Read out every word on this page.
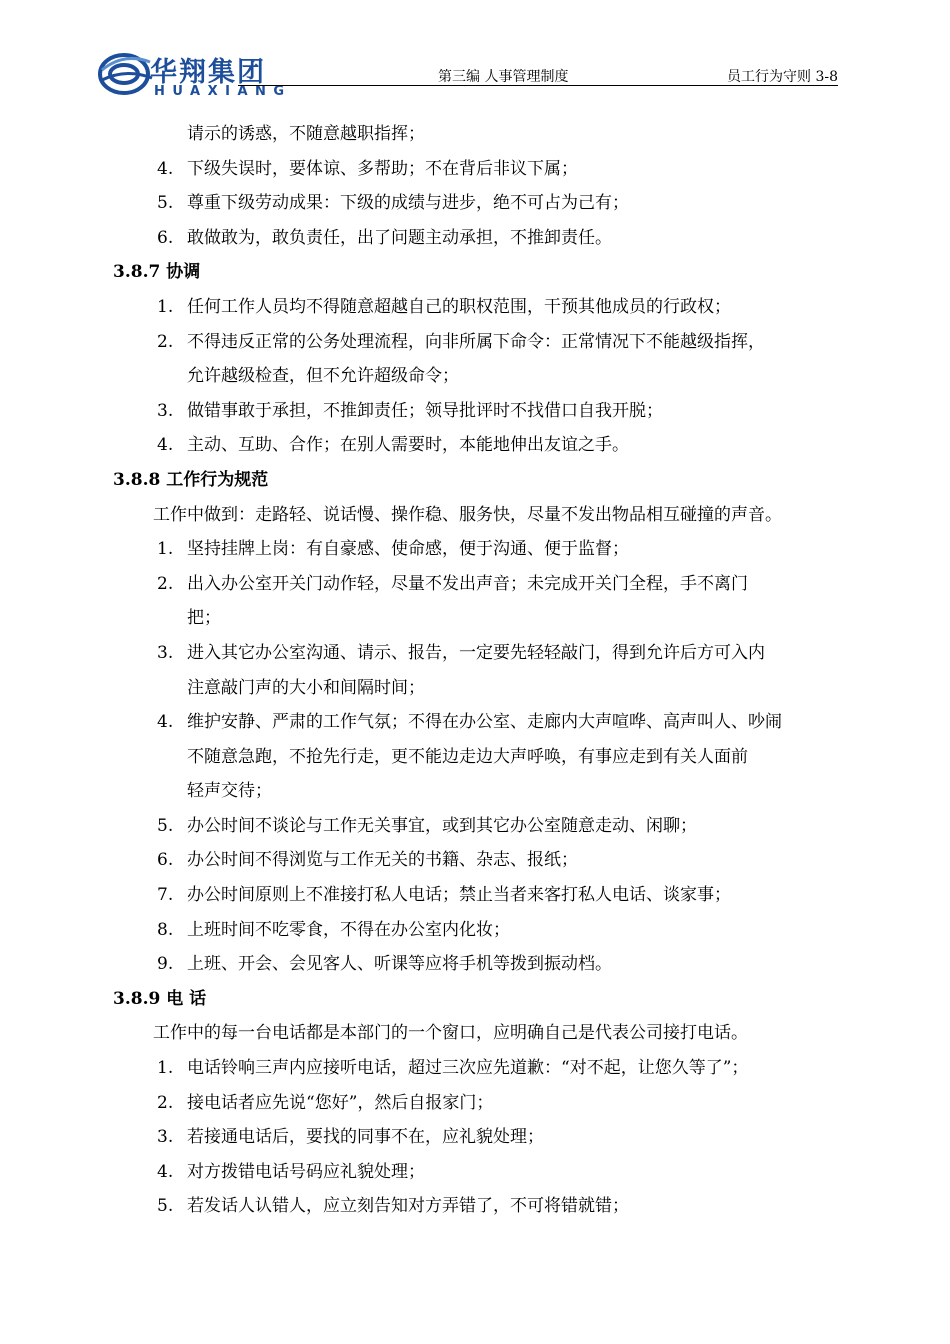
华翔集团
HUAXIANG
第三编 人事管理制度	员工行为守则 3-8
请示的诱惑，不随意越职指挥；
4. 下级失误时，要体谅、多帮助；不在背后非议下属；
5. 尊重下级劳动成果：下级的成绩与进步，绝不可占为己有；
6. 敢做敢为，敢负责任，出了问题主动承担，不推卸责任。
3.8.7 协调
1. 任何工作人员均不得随意超越自己的职权范围，干预其他成员的行政权；
2. 不得违反正常的公务处理流程，向非所属下命令：正常情况下不能越级指挥，
允许越级检查，但不允许超级命令；
3. 做错事敢于承担，不推卸责任；领导批评时不找借口自我开脱；
4. 主动、互助、合作；在别人需要时，本能地伸出友谊之手。
3.8.8 工作行为规范
工作中做到：走路轻、说话慢、操作稳、服务快，尽量不发出物品相互碰撞的声音。
1. 坚持挂牌上岗：有自豪感、使命感，便于沟通、便于监督；
2. 出入办公室开关门动作轻，尽量不发出声音；未完成开关门全程，手不离门
把；
3. 进入其它办公室沟通、请示、报告，一定要先轻轻敲门，得到允许后方可入内
注意敲门声的大小和间隔时间；
4. 维护安静、严肃的工作气氛；不得在办公室、走廊内大声喧哗、高声叫人、吵闹
不随意急跑，不抢先行走，更不能边走边大声呼唤，有事应走到有关人面前
轻声交待；
5. 办公时间不谈论与工作无关事宜，或到其它办公室随意走动、闲聊；
6. 办公时间不得浏览与工作无关的书籍、杂志、报纸；
7. 办公时间原则上不准接打私人电话；禁止当者来客打私人电话、谈家事；
8. 上班时间不吃零食，不得在办公室内化妆；
9. 上班、开会、会见客人、听课等应将手机等拨到振动档。
3.8.9 电 话
工作中的每一台电话都是本部门的一个窗口，应明确自己是代表公司接打电话。
1. 电话铃响三声内应接听电话，超过三次应先道歉：“对不起，让您久等了”；
2. 接电话者应先说“您好”，然后自报家门；
3. 若接通电话后，要找的同事不在，应礼貌处理；
4. 对方拨错电话号码应礼貌处理；
5. 若发话人认错人，应立刻告知对方弄错了，不可将错就错；
